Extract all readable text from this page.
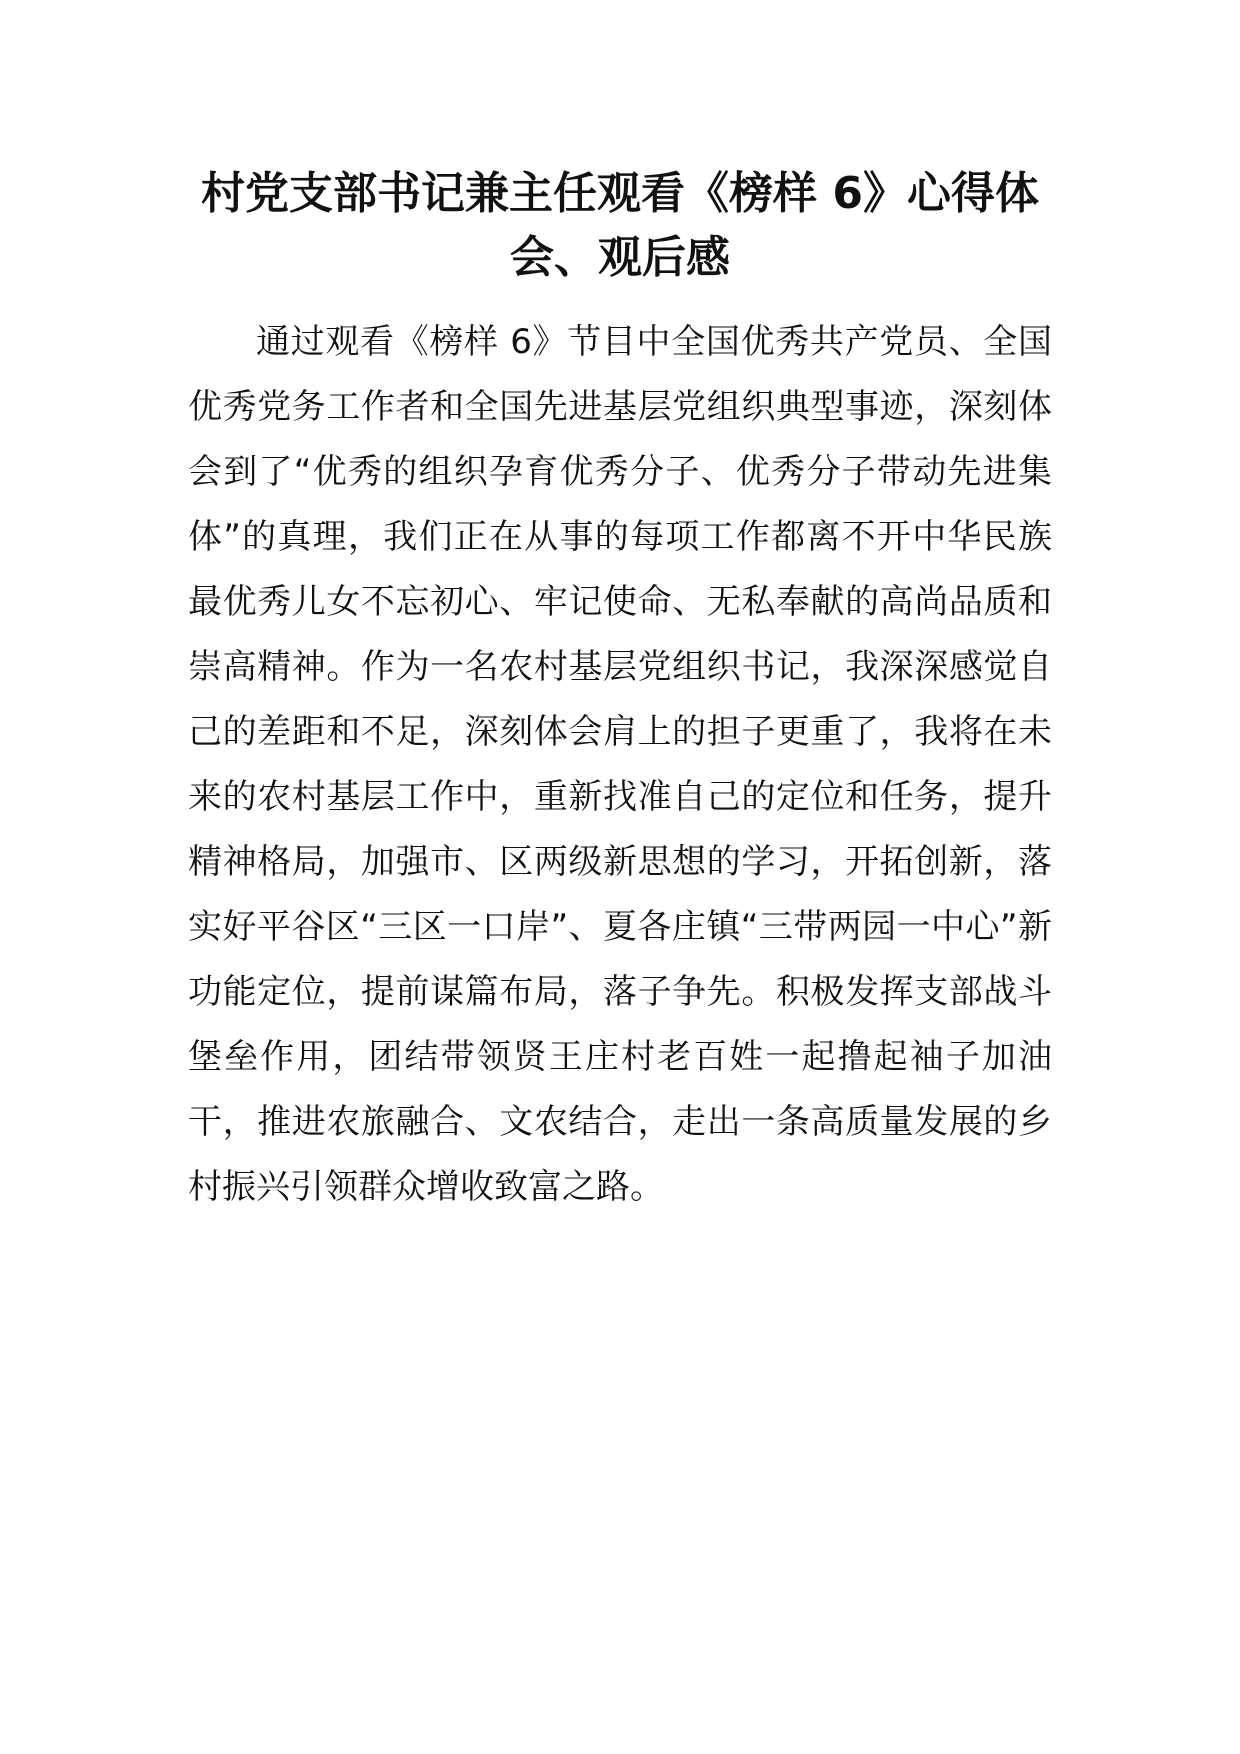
村党支部书记兼主任观看《榜样 6》心得体会、观后感

通过观看《榜样 6》节目中全国优秀共产党员、全国优秀党务工作者和全国先进基层党组织典型事迹，深刻体会到了“优秀的组织孕育优秀分子、优秀分子带动先进集体”的真理，我们正在从事的每项工作都离不开中华民族最优秀儿女不忘初心、牢记使命、无私奉献的高尚品质和崇高精神。作为一名农村基层党组织书记，我深深感觉自己的差距和不足，深刻体会肩上的担子更重了，我将在未来的农村基层工作中，重新找准自己的定位和任务，提升精神格局，加强市、区两级新思想的学习，开拓创新，落实好平谷区“三区一口岸”、夏各庄镇“三带两园一中心”新功能定位，提前谋篇布局，落子争先。积极发挥支部战斗堡垒作用，团结带领贤王庄村老百姓一起撸起袖子加油干，推进农旅融合、文农结合，走出一条高质量发展的乡村振兴引领群众增收致富之路。
